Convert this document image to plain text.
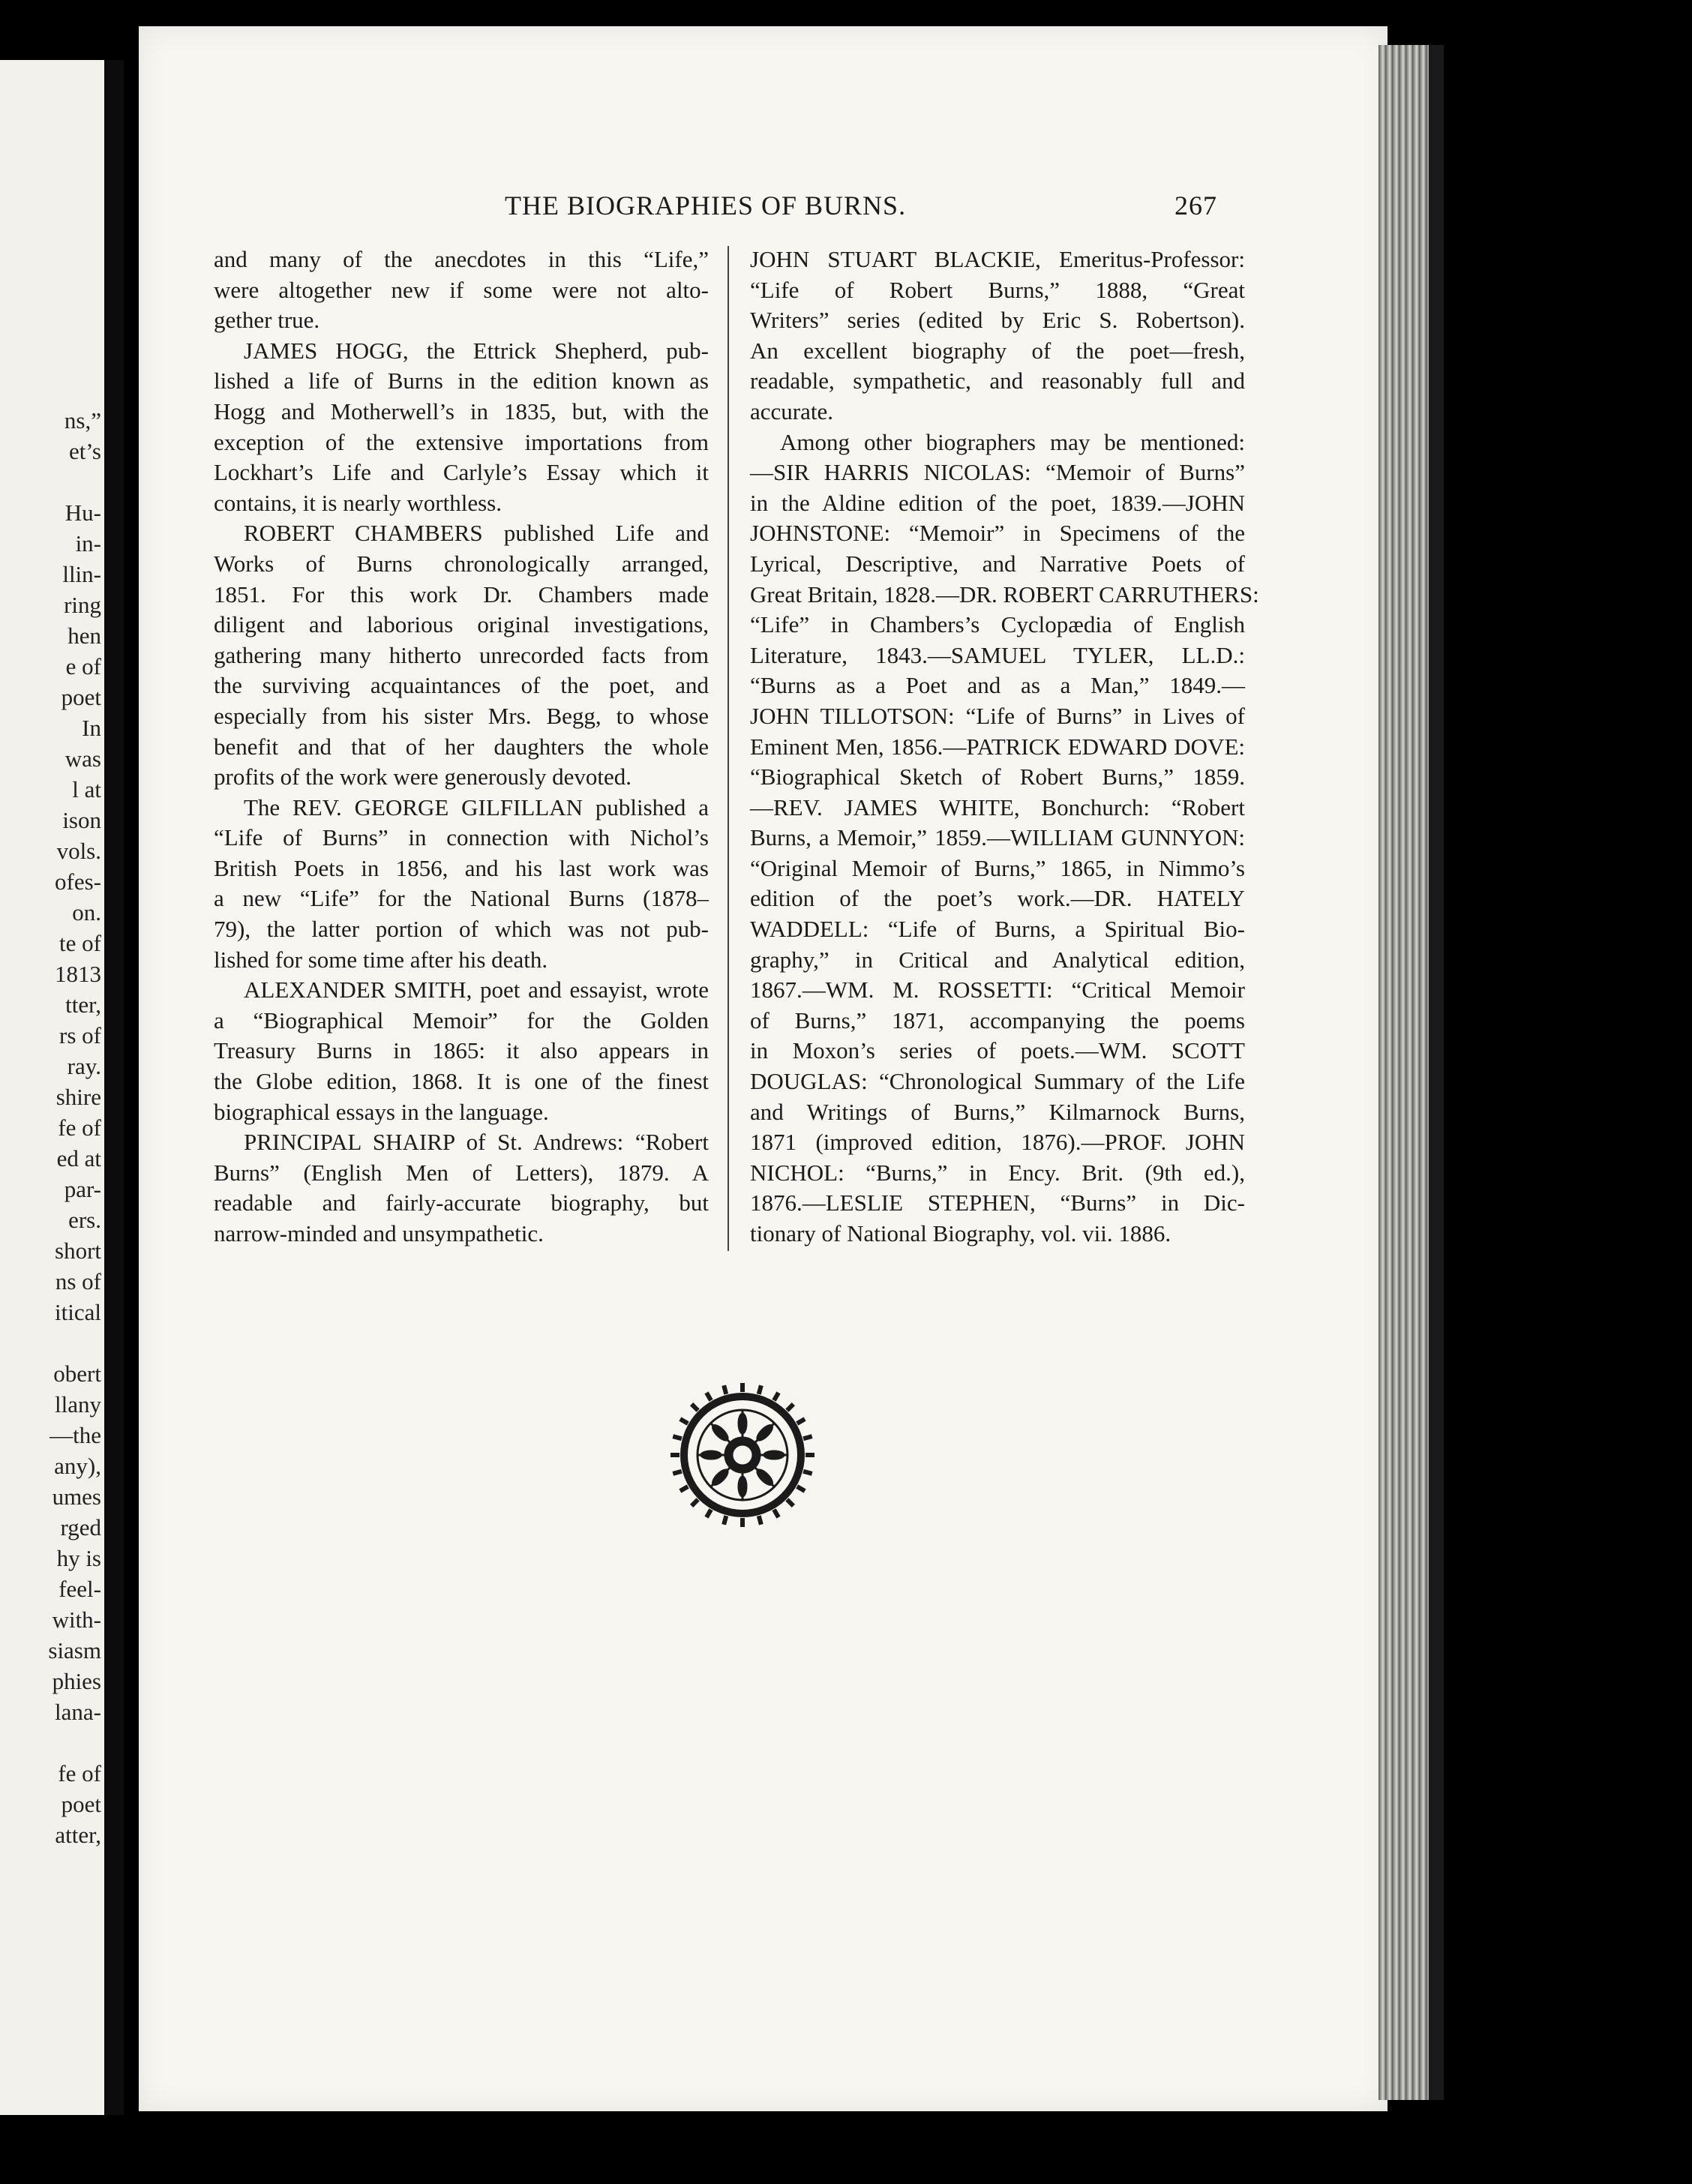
ns,”
et’s
Hu-
in-
llin-
ring
hen
e of
poet
In
was
l at
ison
vols.
ofes-
on.
te of
1813
tter,
rs of
ray.
shire
fe of
ed at
par-
ers.
short
ns of
itical
obert
llany
—the
any),
umes
rged
hy is
feel-
with-
siasm
phies
lana-
fe of
poet
atter,
THE BIOGRAPHIES OF BURNS.	267
and many of the anecdotes in this “Life,”
were altogether new if some were not alto-
gether true.
JAMES HOGG, the Ettrick Shepherd, pub-
lished a life of Burns in the edition known as
Hogg and Motherwell’s in 1835, but, with the
exception of the extensive importations from
Lockhart’s Life and Carlyle’s Essay which it
contains, it is nearly worthless.
ROBERT CHAMBERS published Life and
Works of Burns chronologically arranged,
1851. For this work Dr. Chambers made
diligent and laborious original investigations,
gathering many hitherto unrecorded facts from
the surviving acquaintances of the poet, and
especially from his sister Mrs. Begg, to whose
benefit and that of her daughters the whole
profits of the work were generously devoted.
The REV. GEORGE GILFILLAN published a
“Life of Burns” in connection with Nichol’s
British Poets in 1856, and his last work was
a new “Life” for the National Burns (1878–
79), the latter portion of which was not pub-
lished for some time after his death.
ALEXANDER SMITH, poet and essayist, wrote
a “Biographical Memoir” for the Golden
Treasury Burns in 1865: it also appears in
the Globe edition, 1868. It is one of the finest
biographical essays in the language.
PRINCIPAL SHAIRP of St. Andrews: “Robert
Burns” (English Men of Letters), 1879. A
readable and fairly-accurate biography, but
narrow-minded and unsympathetic.
JOHN STUART BLACKIE, Emeritus-Professor:
“Life of Robert Burns,” 1888, “Great
Writers” series (edited by Eric S. Robertson).
An excellent biography of the poet—fresh,
readable, sympathetic, and reasonably full and
accurate.
Among other biographers may be mentioned:
—SIR HARRIS NICOLAS: “Memoir of Burns”
in the Aldine edition of the poet, 1839.—JOHN
JOHNSTONE: “Memoir” in Specimens of the
Lyrical, Descriptive, and Narrative Poets of
Great Britain, 1828.—DR. ROBERT CARRUTHERS:
“Life” in Chambers’s Cyclopædia of English
Literature, 1843.—SAMUEL TYLER, LL.D.:
“Burns as a Poet and as a Man,” 1849.—
JOHN TILLOTSON: “Life of Burns” in Lives of
Eminent Men, 1856.—PATRICK EDWARD DOVE:
“Biographical Sketch of Robert Burns,” 1859.
—REV. JAMES WHITE, Bonchurch: “Robert
Burns, a Memoir,” 1859.—WILLIAM GUNNYON:
“Original Memoir of Burns,” 1865, in Nimmo’s
edition of the poet’s work.—DR. HATELY
WADDELL: “Life of Burns, a Spiritual Bio-
graphy,” in Critical and Analytical edition,
1867.—WM. M. ROSSETTI: “Critical Memoir
of Burns,” 1871, accompanying the poems
in Moxon’s series of poets.—WM. SCOTT
DOUGLAS: “Chronological Summary of the Life
and Writings of Burns,” Kilmarnock Burns,
1871 (improved edition, 1876).—PROF. JOHN
NICHOL: “Burns,” in Ency. Brit. (9th ed.),
1876.—LESLIE STEPHEN, “Burns” in Dic-
tionary of National Biography, vol. vii. 1886.
